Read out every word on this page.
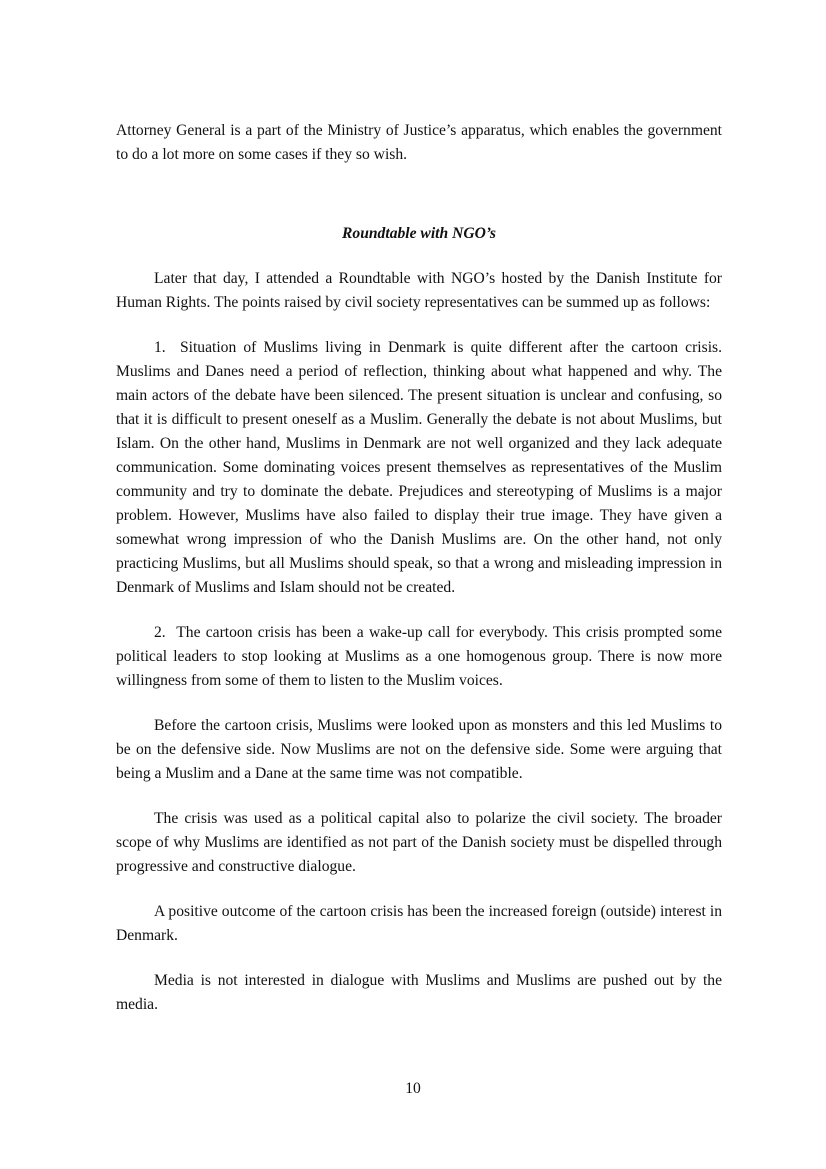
Attorney General is a part of the Ministry of Justice’s apparatus, which enables the government to do a lot more on some cases if they so wish.

Roundtable with NGO’s

Later that day, I attended a Roundtable with NGO’s hosted by the Danish Institute for Human Rights. The points raised by civil society representatives can be summed up as follows:

1.  Situation of Muslims living in Denmark is quite different after the cartoon crisis. Muslims and Danes need a period of reflection, thinking about what happened and why. The main actors of the debate have been silenced. The present situation is unclear and confusing, so that it is difficult to present oneself as a Muslim. Generally the debate is not about Muslims, but Islam. On the other hand, Muslims in Denmark are not well organized and they lack adequate communication. Some dominating voices present themselves as representatives of the Muslim community and try to dominate the debate. Prejudices and stereotyping of Muslims is a major problem. However, Muslims have also failed to display their true image. They have given a somewhat wrong impression of who the Danish Muslims are. On the other hand, not only practicing Muslims, but all Muslims should speak, so that a wrong and misleading impression in Denmark of Muslims and Islam should not be created.

2.  The cartoon crisis has been a wake-up call for everybody. This crisis prompted some political leaders to stop looking at Muslims as a one homogenous group. There is now more willingness from some of them to listen to the Muslim voices.

Before the cartoon crisis, Muslims were looked upon as monsters and this led Muslims to be on the defensive side. Now Muslims are not on the defensive side. Some were arguing that being a Muslim and a Dane at the same time was not compatible.

The crisis was used as a political capital also to polarize the civil society. The broader scope of why Muslims are identified as not part of the Danish society must be dispelled through progressive and constructive dialogue.

A positive outcome of the cartoon crisis has been the increased foreign (outside) interest in Denmark.

Media is not interested in dialogue with Muslims and Muslims are pushed out by the media.

10
